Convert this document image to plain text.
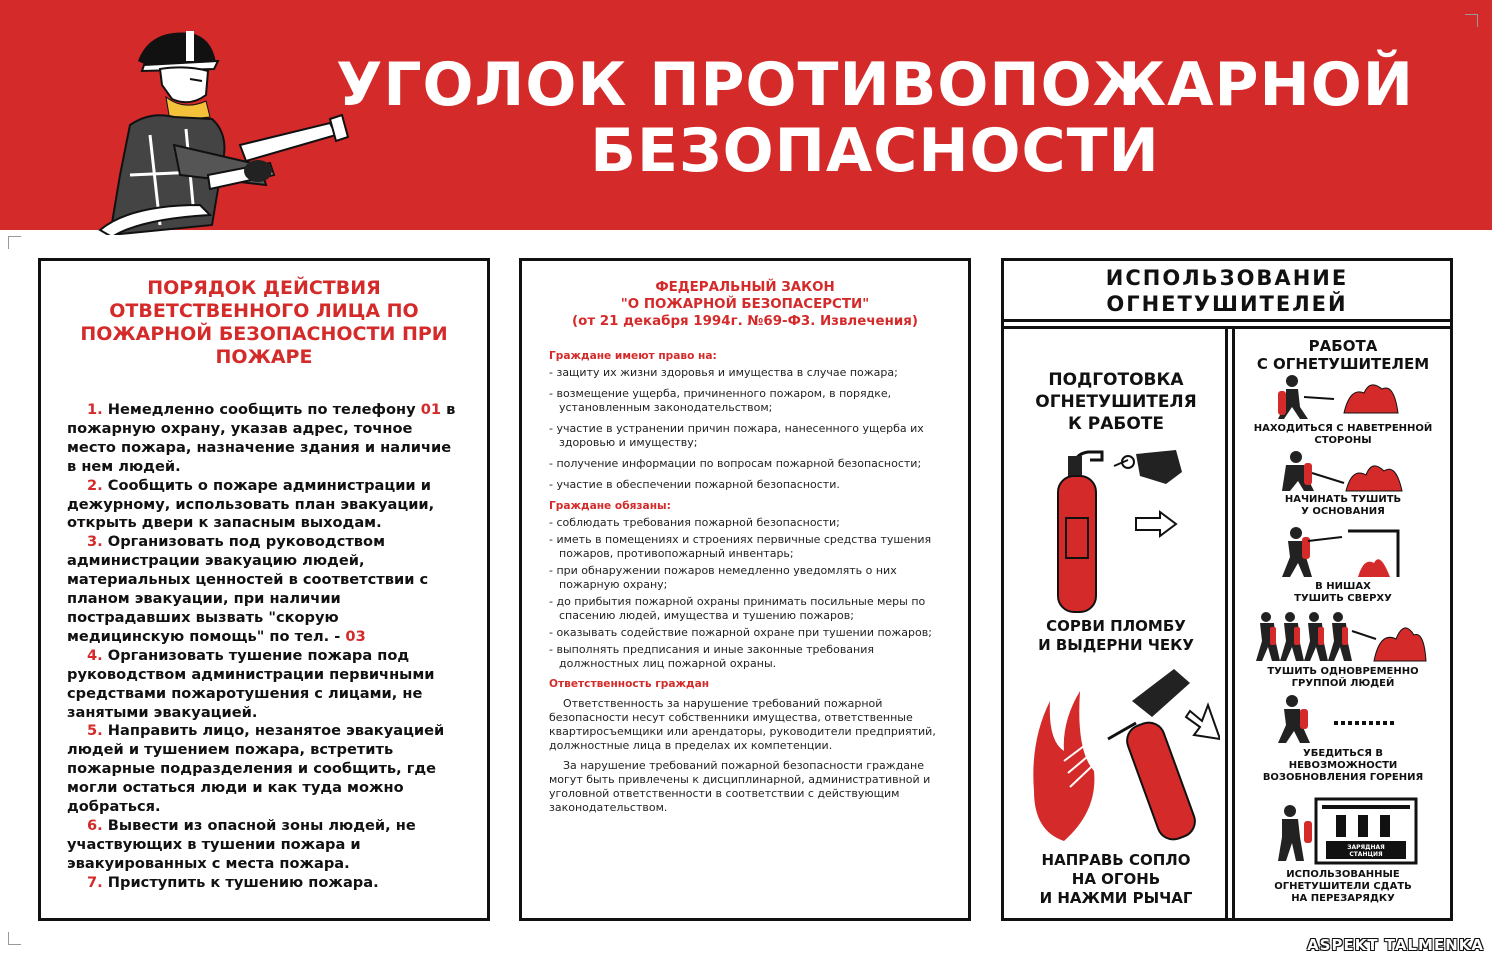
УГОЛОК ПРОТИВОПОЖАРНОЙ
БЕЗОПАСНОСТИ
ПОРЯДОК ДЕЙСТВИЯ ОТВЕТСТВЕННОГО ЛИЦА ПО ПОЖАРНОЙ БЕЗОПАСНОСТИ ПРИ ПОЖАРЕ
1. Немедленно сообщить по телефону 01 в пожарную охрану, указав адрес, точное место пожара, назначение здания и наличие в нем людей.
2. Сообщить о пожаре администрации и дежурному, использовать план эвакуации, открыть двери к запасным выходам.
3. Организовать под руководством администрации эвакуацию людей, материальных ценностей в соответствии с планом эвакуации, при наличии пострадавших вызвать "скорую медицинскую помощь" по тел. - 03
4. Организовать тушение пожара под руководством администрации первичными средствами пожаротушения с лицами, не занятыми эвакуацией.
5. Направить лицо, незанятое эвакуацией людей и тушением пожара, встретить пожарные подразделения и сообщить, где могли остаться люди и как туда можно добраться.
6. Вывести из опасной зоны людей, не участвующих в тушении пожара и эвакуированных с места пожара.
7. Приступить к тушению пожара.
ФЕДЕРАЛЬНЫЙ ЗАКОН
"О ПОЖАРНОЙ БЕЗОПАСЕРСТИ"
(от 21 декабря 1994г. №69-Ф3. Извлечения)
Граждане имеют право на:
- защиту их жизни здоровья и имущества в случае пожара;
- возмещение ущерба, причиненного пожаром, в порядке, установленным законодательством;
- участие в устранении причин пожара, нанесенного ущерба их здоровью и имуществу;
- получение информации по вопросам пожарной безопасности;
- участие в обеспечении пожарной безопасности.
Граждане обязаны:
- соблюдать требования пожарной безопасности;
- иметь в помещениях и строениях первичные средства тушения пожаров, противопожарный инвентарь;
- при обнаружении пожаров немедленно уведомлять о них пожарную охрану;
- до прибытия пожарной охраны принимать посильные меры по спасению людей, имущества и тушению пожаров;
- оказывать содействие пожарной охране при тушении пожаров;
- выполнять предписания и иные законные требования должностных лиц пожарной охраны.
Ответственность граждан

Ответственность за нарушение требований пожарной безопасности несут собственники имущества, ответственные квартиросъемщики или арендаторы, руководители предприятий, должностные лица в пределах их компетенции.

За нарушение требований пожарной безопасности граждане могут быть привлечены к дисциплинарной, административной и уголовной ответственности в соответствии с действующим законодательством.

ИСПОЛЬЗОВАНИЕ
ОГНЕТУШИТЕЛЕЙ
ПОДГОТОВКА
ОГНЕТУШИТЕЛЯ
К РАБОТЕ
СОРВИ ПЛОМБУ
И ВЫДЕРНИ ЧЕКУ
НАПРАВЬ СОПЛО
НА ОГОНЬ
И НАЖМИ РЫЧАГ
РАБОТА
С ОГНЕТУШИТЕЛЕМ
НАХОДИТЬСЯ С НАВЕТРЕННОЙ
СТОРОНЫ
НАЧИНАТЬ ТУШИТЬ
У ОСНОВАНИЯ
В НИШАХ
ТУШИТЬ СВЕРХУ
ТУШИТЬ ОДНОВРЕМЕННО
ГРУППОЙ ЛЮДЕЙ
УБЕДИТЬСЯ В
НЕВОЗМОЖНОСТИ
ВОЗОБНОВЛЕНИЯ ГОРЕНИЯ
ЗАРЯДНАЯ
СТАНЦИЯ
ИСПОЛЬЗОВАННЫЕ
ОГНЕТУШИТЕЛИ СДАТЬ
НА ПЕРЕЗАРЯДКУ
ASPEKT TALMENKA
